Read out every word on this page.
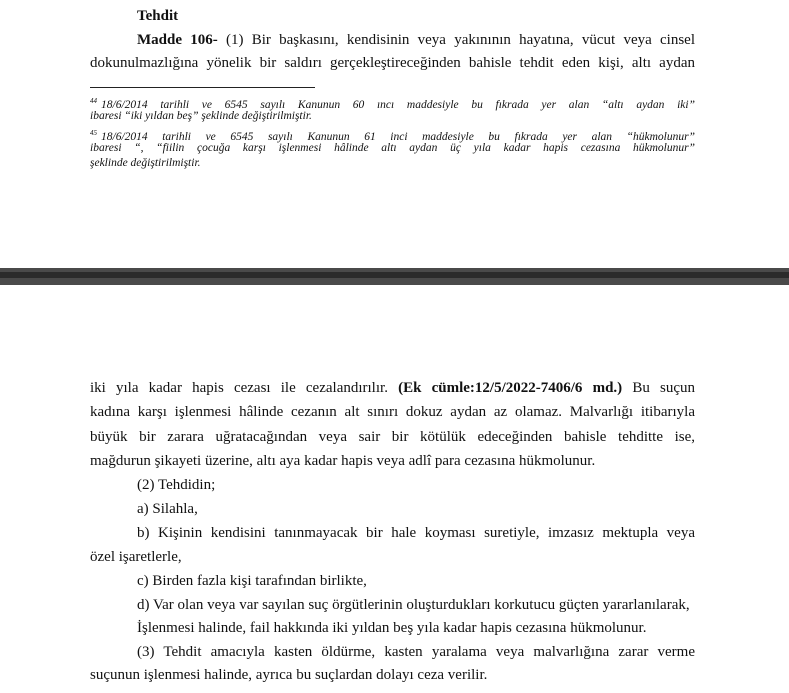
Tehdit
Madde 106- (1) Bir başkasını, kendisinin veya yakınının hayatına, vücut veya cinsel
dokunulmazlığına yönelik bir saldırı gerçekleştireceğinden bahisle tehdit eden kişi, altı aydan
$^{44}$ 18/6/2014 tarihli ve 6545 sayılı Kanunun 60 ıncı maddesiyle bu fıkrada yer alan “altı aydan iki”
ibaresi “iki yıldan beş” şeklinde değiştirilmiştir.
$^{45}$ 18/6/2014 tarihli ve 6545 sayılı Kanunun 61 inci maddesiyle bu fıkrada yer alan “hükmolunur”
ibaresi “, “fiilin çocuğa karşı işlenmesi hâlinde altı aydan üç yıla kadar hapis cezasına hükmolunur”
şeklinde değiştirilmiştir.
iki yıla kadar hapis cezası ile cezalandırılır. (Ek cümle:12/5/2022-7406/6 md.) Bu suçun
kadına karşı işlenmesi hâlinde cezanın alt sınırı dokuz aydan az olamaz. Malvarlığı itibarıyla
büyük bir zarara uğratacağından veya sair bir kötülük edeceğinden bahisle tehditte ise,
mağdurun şikayeti üzerine, altı aya kadar hapis veya adlî para cezasına hükmolunur.
(2) Tehdidin;
a) Silahla,
b) Kişinin kendisini tanınmayacak bir hale koyması suretiyle, imzasız mektupla veya
özel işaretlerle,
c) Birden fazla kişi tarafından birlikte,
d) Var olan veya var sayılan suç örgütlerinin oluşturdukları korkutucu güçten yararlanılarak,
İşlenmesi halinde, fail hakkında iki yıldan beş yıla kadar hapis cezasına hükmolunur.
(3) Tehdit amacıyla kasten öldürme, kasten yaralama veya malvarlığına zarar verme
suçunun işlenmesi halinde, ayrıca bu suçlardan dolayı ceza verilir.
